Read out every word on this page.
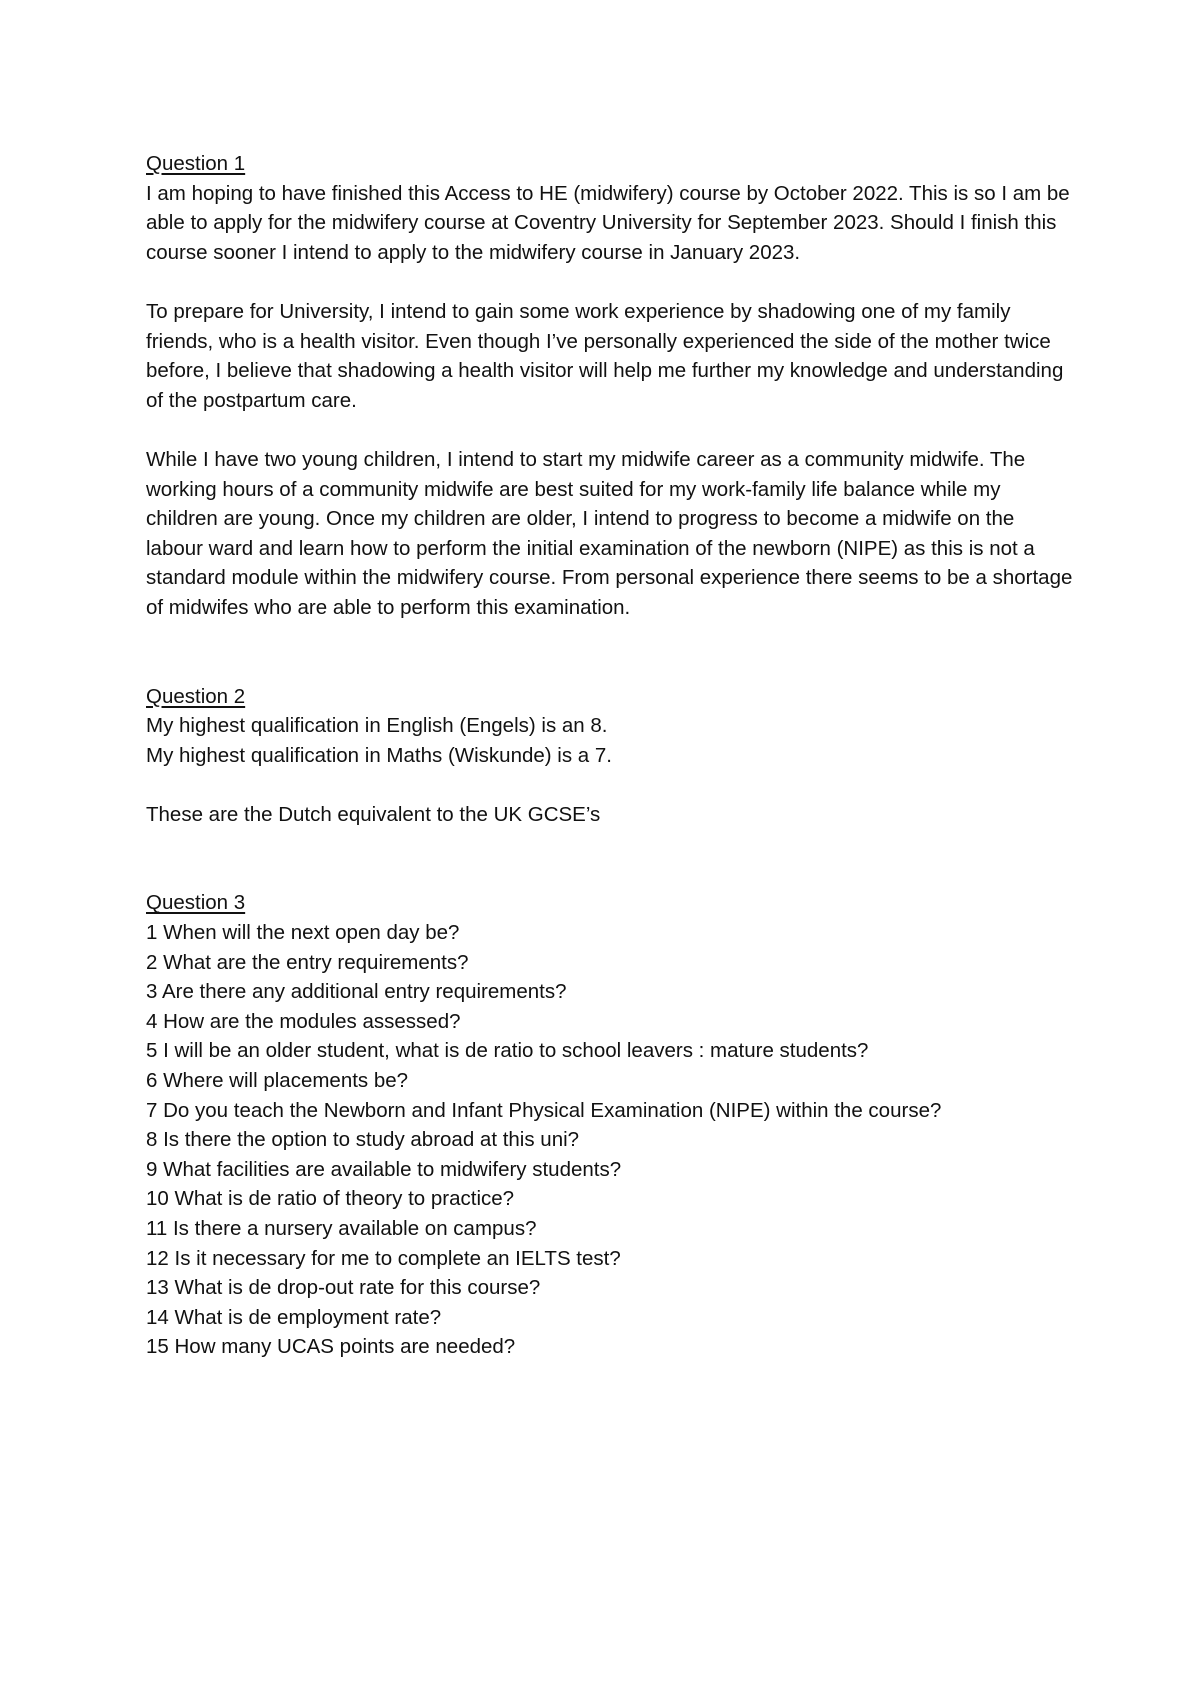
Question 1

I am hoping to have finished this Access to HE (midwifery) course by October 2022. This is so I am be able to apply for the midwifery course at Coventry University for September 2023. Should I finish this course sooner I intend to apply to the midwifery course in January 2023.

To prepare for University, I intend to gain some work experience by shadowing one of my family friends, who is a health visitor. Even though I’ve personally experienced the side of the mother twice before, I believe that shadowing a health visitor will help me further my knowledge and understanding of the postpartum care.

While I have two young children, I intend to start my midwife career as a community midwife. The working hours of a community midwife are best suited for my work-family life balance while my children are young. Once my children are older, I intend to progress to become a midwife on the labour ward and learn how to perform the initial examination of the newborn (NIPE) as this is not a standard module within the midwifery course. From personal experience there seems to be a shortage of midwifes who are able to perform this examination.

Question 2

My highest qualification in English (Engels) is an 8.

My highest qualification in Maths (Wiskunde) is a 7.

These are the Dutch equivalent to the UK GCSE’s

Question 3

1 When will the next open day be?
2 What are the entry requirements?
3 Are there any additional entry requirements?
4 How are the modules assessed?
5 I will be an older student, what is de ratio to school leavers : mature students?
6 Where will placements be?
7 Do you teach the Newborn and Infant Physical Examination (NIPE) within the course?
8 Is there the option to study abroad at this uni?
9 What facilities are available to midwifery students?
10 What is de ratio of theory to practice?
11 Is there a nursery available on campus?
12 Is it necessary for me to complete an IELTS test?
13 What is de drop-out rate for this course?
14 What is de employment rate?
15 How many UCAS points are needed?
